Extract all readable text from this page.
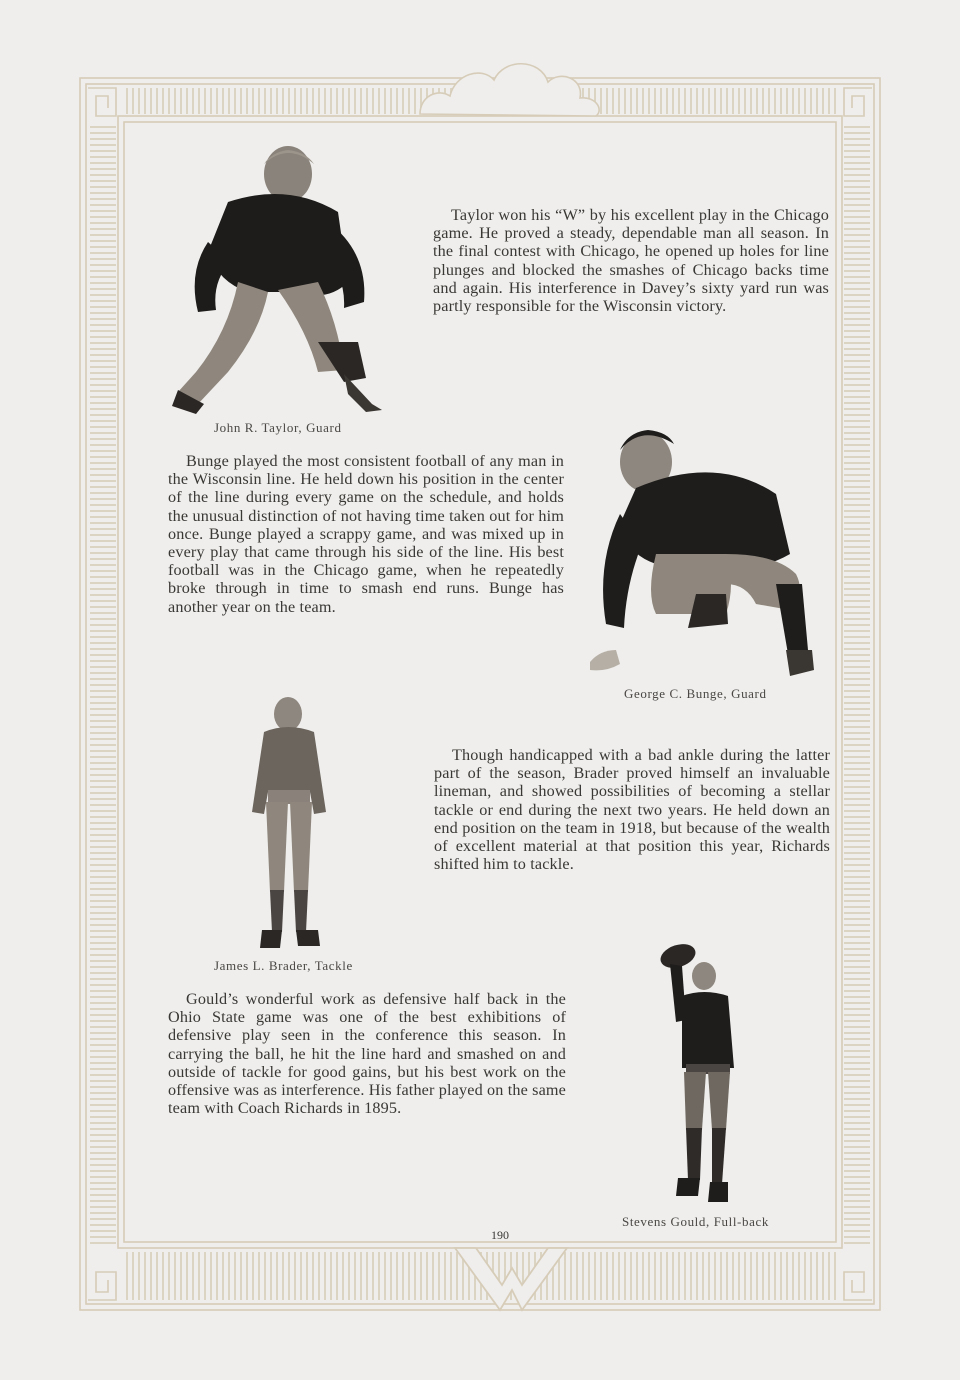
John R. Taylor, Guard
George C. Bunge, Guard
James L. Brader, Tackle
Stevens Gould, Full-back
Taylor won his “W” by his excellent play in the Chicago game. He proved a steady, dependable man all season. In the final contest with Chicago, he opened up holes for line plunges and blocked the smashes of Chicago backs time and again. His interference in Davey’s sixty yard run was partly responsible for the Wisconsin victory.
Bunge played the most consistent football of any man in the Wisconsin line. He held down his position in the center of the line during every game on the schedule, and holds the unusual distinction of not having time taken out for him once. Bunge played a scrappy game, and was mixed up in every play that came through his side of the line. His best football was in the Chicago game, when he repeatedly broke through in time to smash end runs. Bunge has another year on the team.
Though handicapped with a bad ankle during the latter part of the season, Brader proved himself an invaluable lineman, and showed possibilities of becoming a stellar tackle or end during the next two years. He held down an end position on the team in 1918, but because of the wealth of excellent material at that position this year, Richards shifted him to tackle.
Gould’s wonderful work as defensive half back in the Ohio State game was one of the best exhibitions of defensive play seen in the conference this season. In carrying the ball, he hit the line hard and smashed on and outside of tackle for good gains, but his best work on the offensive was as interference. His father played on the same team with Coach Richards in 1895.
190
